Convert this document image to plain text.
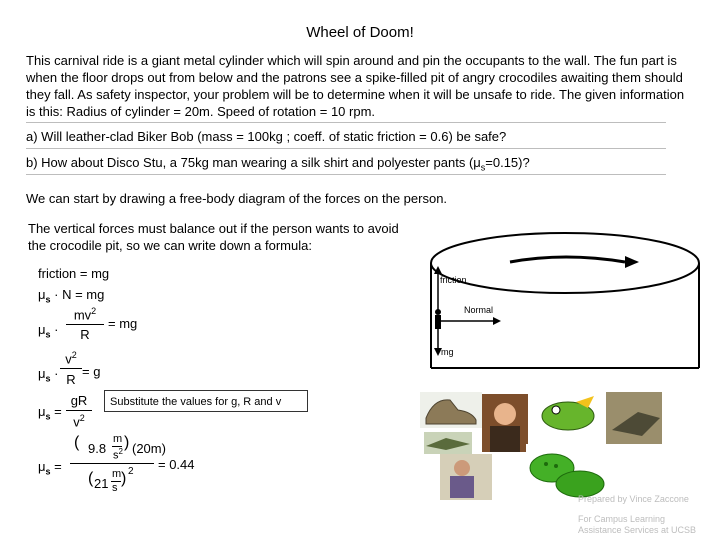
Wheel of Doom!
This carnival ride is a giant metal cylinder which will spin around and pin the occupants to the wall. The fun part is when the floor drops out from below and the patrons see a spike-filled pit of angry crocodiles awaiting them should they fall. As safety inspector, your problem will be to determine when it will be unsafe to ride. The given information is this: Radius of cylinder = 20m. Speed of rotation = 10 rpm.
a) Will leather-clad Biker Bob (mass = 100kg ; coeff. of static friction = 0.6) be safe?
b) How about Disco Stu, a 75kg man wearing a silk shirt and polyester pants $(\mu_s=0.15)$?
We can start by drawing a free-body diagram of the forces on the person.
The vertical forces must balance out if the person wants to avoid the crocodile pit, so we can write down a formula:
friction = mg
$\mu_s \cdot N$ = mg
$\mu_s$ ·
$mv^2$
R
= mg
$\mu_s$ ·
$v^2$
R
= g
$\mu_s$ =
gR
$v^2$
$\mu_s$ =
( 9.8
m
$s^2$
) (20m)
( 21
m
s
) 2 = 0.44
Substitute the values for g, R and v
friction
Normal
mg
Prepared by Vince Zaccone
For Campus Learning
Assistance Services at UCSB
